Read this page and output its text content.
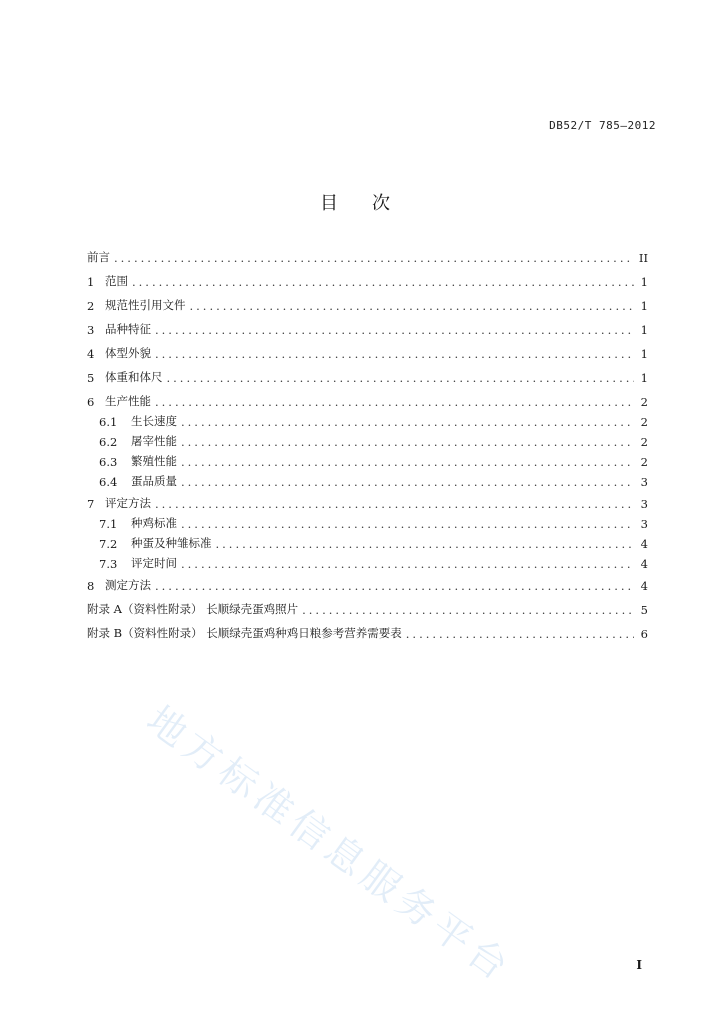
DB52/T 785—2012
目次
前言 .....	II
1 范围 .....	1
2 规范性引用文件 .....	1
3 品种特征 .....	1
4 体型外貌 .....	1
5 体重和体尺 .....	1
6 生产性能 .....	2
6.1	生长速度 .....	2
6.2	屠宰性能 .....	2
6.3	繁殖性能 .....	2
6.4	蛋品质量 .....	3
7 评定方法 .....	3
7.1	种鸡标准 .....	3
7.2	种蛋及种雏标准 .....	4
7.3	评定时间 .....	4
8 测定方法 .....	4
附录 A（资料性附录） 长顺绿壳蛋鸡照片 .....	5
附录 B（资料性附录） 长顺绿壳蛋鸡种鸡日粮参考营养需要表 .....	6
地方标准信息服务平台	I
